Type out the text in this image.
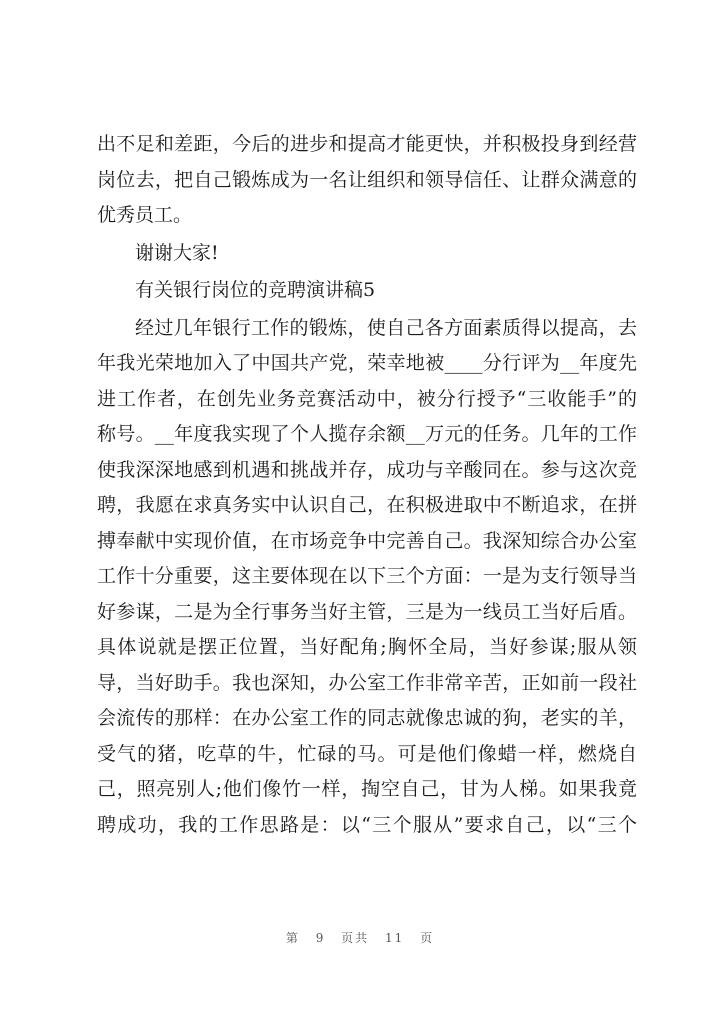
出不足和差距，今后的进步和提高才能更快，并积极投身到经营
岗位去，把自己锻炼成为一名让组织和领导信任、让群众满意的
优秀员工。
谢谢大家!
有关银行岗位的竞聘演讲稿5
经过几年银行工作的锻炼，使自己各方面素质得以提高，去
年我光荣地加入了中国共产党，荣幸地被____分行评为__年度先
进工作者，在创先业务竞赛活动中，被分行授予“三收能手”的
称号。__年度我实现了个人揽存余额__万元的任务。几年的工作
使我深深地感到机遇和挑战并存，成功与辛酸同在。参与这次竞
聘，我愿在求真务实中认识自己，在积极进取中不断追求，在拼
搏奉献中实现价值，在市场竞争中完善自己。我深知综合办公室
工作十分重要，这主要体现在以下三个方面：一是为支行领导当
好参谋，二是为全行事务当好主管，三是为一线员工当好后盾。
具体说就是摆正位置，当好配角;胸怀全局，当好参谋;服从领
导，当好助手。我也深知，办公室工作非常辛苦，正如前一段社
会流传的那样：在办公室工作的同志就像忠诚的狗，老实的羊，
受气的猪，吃草的牛，忙碌的马。可是他们像蜡一样，燃烧自
己，照亮别人;他们像竹一样，掏空自己，甘为人梯。如果我竟
聘成功，我的工作思路是：以“三个服从”要求自己，以“三个
第 9 页共 11 页
